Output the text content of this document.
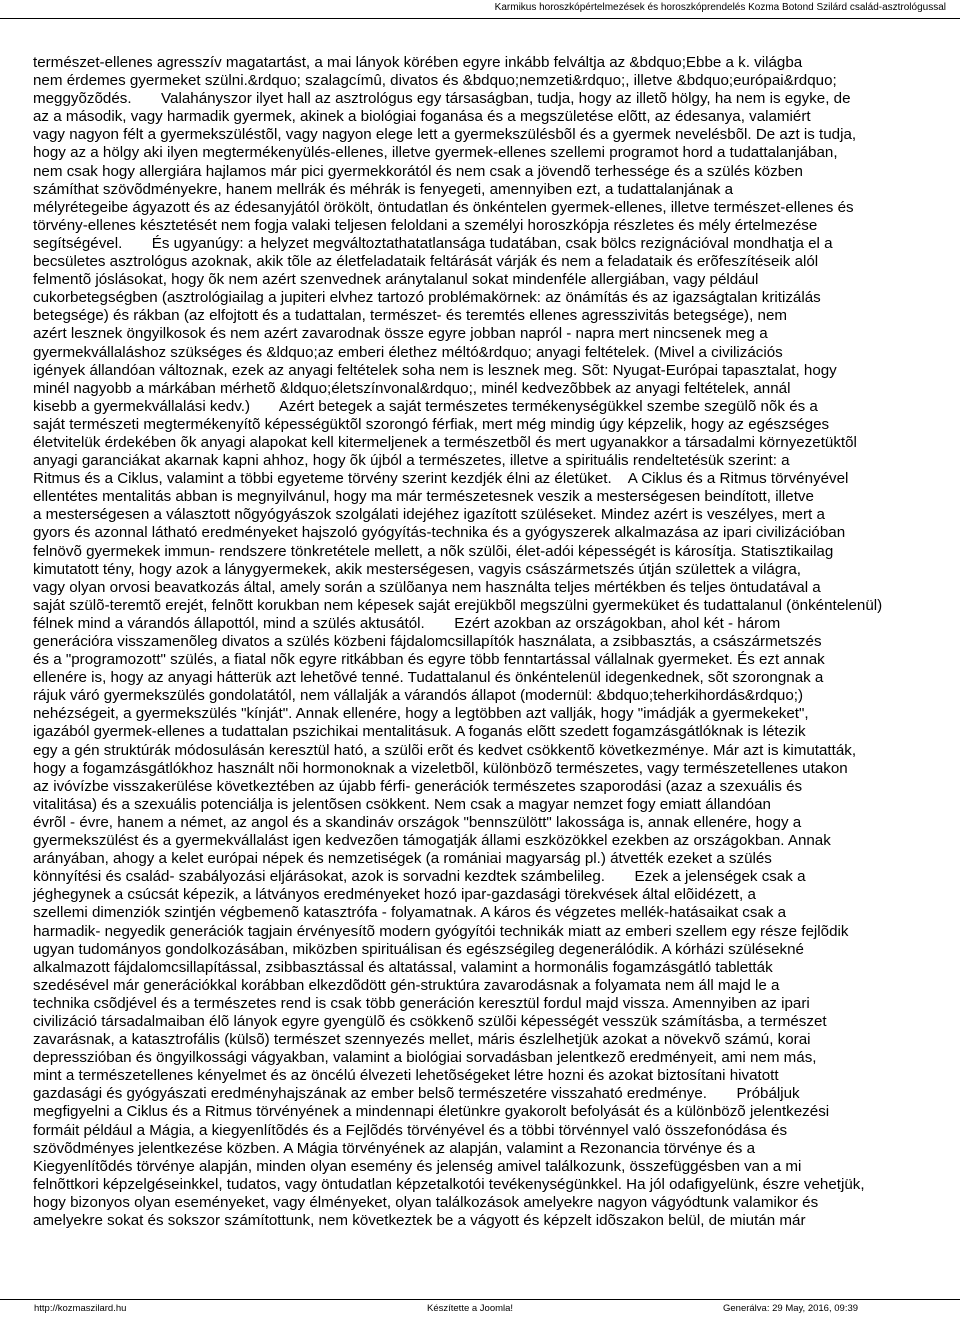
Karmikus horoszkópértelmezések és horoszkóprendelés Kozma Botond Szilárd család-asztrológussal
természet-ellenes agresszív magatartást, a mai lányok körében egyre inkább felváltja az &bdquo;Ebbe a k. világba
nem érdemes gyermeket szülni.&rdquo; szalagcímû, divatos és &bdquo;nemzeti&rdquo;, illetve &bdquo;európai&rdquo;
meggyõzõdés.       Valahányszor ilyet hall az asztrológus egy társaságban, tudja, hogy az illetõ hölgy, ha nem is egyke, de
az a második, vagy harmadik gyermek, akinek a biológiai foganása és a megszületése elõtt, az édesanya, valamiért
vagy nagyon félt a gyermekszüléstõl, vagy nagyon elege lett a gyermekszülésbõl és a gyermek nevelésbõl. De azt is tudja,
hogy az a hölgy aki ilyen megtermékenyülés-ellenes, illetve gyermek-ellenes szellemi programot hord a tudattalanjában,
nem csak hogy allergiára hajlamos már pici gyermekkorától és nem csak a jövendõ terhessége és a szülés közben
számíthat szövõdményekre, hanem mellrák és méhrák is fenyegeti, amennyiben ezt, a tudattalanjának a
mélyrétegeibe ágyazott és az édesanyjától örökölt, öntudatlan és önkéntelen gyermek-ellenes, illetve természet-ellenes és
törvény-ellenes késztetését nem fogja valaki teljesen feloldani a személyi horoszkópja részletes és mély értelmezése
segítségével.       És ugyanúgy: a helyzet megváltoztathatatlansága tudatában, csak bölcs rezignációval mondhatja el a
becsületes asztrológus azoknak, akik tõle az életfeladataik feltárását várják és nem a feladataik és erõfeszítéseik alól
felmentõ jóslásokat, hogy õk nem azért szenvednek aránytalanul sokat mindenféle allergiában, vagy például
cukorbetegségben (asztrológiailag a jupiteri elvhez tartozó problémakörnek: az önámítás és az igazságtalan kritizálás
betegsége) és rákban (az elfojtott és a tudattalan, természet- és teremtés ellenes agresszivitás betegsége), nem
azért lesznek öngyilkosok és nem azért zavarodnak össze egyre jobban napról - napra mert nincsenek meg a
gyermekvállaláshoz szükséges és &ldquo;az emberi élethez méltó&rdquo; anyagi feltételek. (Mivel a civilizációs
igények állandóan változnak, ezek az anyagi feltételek soha nem is lesznek meg. Sõt: Nyugat-Európai tapasztalat, hogy
minél nagyobb a márkában mérhetõ &ldquo;életszínvonal&rdquo;, minél kedvezõbbek az anyagi feltételek, annál
kisebb a gyermekvállalási kedv.)       Azért betegek a saját természetes termékenységükkel szembe szegülõ nõk és a
saját természeti megtermékenyítõ képességüktõl szorongó férfiak, mert még mindig úgy képzelik, hogy az egészséges
életvitelük érdekében õk anyagi alapokat kell kitermeljenek a természetbõl és mert ugyanakkor a társadalmi környezetüktõl
anyagi garanciákat akarnak kapni ahhoz, hogy õk újból a természetes, illetve a spirituális rendeltetésük szerint: a
Ritmus és a Ciklus, valamint a többi egyeteme törvény szerint kezdjék élni az életüket.    A Ciklus és a Ritmus törvényével
ellentétes mentalitás abban is megnyilvánul, hogy ma már természetesnek veszik a mesterségesen beindított, illetve
a mesterségesen a választott nõgyógyászok szolgálati idejéhez igazított szüléseket. Mindez azért is veszélyes, mert a
gyors és azonnal látható eredményeket hajszoló gyógyítás-technika és a gyógyszerek alkalmazása az ipari civilizációban
felnövõ gyermekek immun- rendszere tönkretétele mellett, a nõk szülõi, élet-adói képességét is károsítja. Statisztikailag
kimutatott tény, hogy azok a lánygyermekek, akik mesterségesen, vagyis császármetszés útján születtek a világra,
vagy olyan orvosi beavatkozás által, amely során a szülõanya nem használta teljes mértékben és teljes öntudatával a
saját szülõ-teremtõ erejét, felnõtt korukban nem képesek saját erejükbõl megszülni gyermeküket és tudattalanul (önkéntelenül)
félnek mind a várandós állapottól, mind a szülés aktusától.       Ezért azokban az országokban, ahol két - három
generációra visszamenõleg divatos a szülés közbeni fájdalomcsillapítók használata, a zsibbasztás, a császármetszés
és a "programozott" szülés, a fiatal nõk egyre ritkábban és egyre több fenntartással vállalnak gyermeket. És ezt annak
ellenére is, hogy az anyagi hátterük azt lehetõvé tenné. Tudattalanul és önkéntelenül idegenkednek, sõt szorongnak a
rájuk váró gyermekszülés gondolatától, nem vállalják a várandós állapot (modernül: &bdquo;teherkihordás&rdquo;)
nehézségeit, a gyermekszülés "kínját". Annak ellenére, hogy a legtöbben azt vallják, hogy "imádják a gyermekeket",
igazából gyermek-ellenes a tudattalan pszichikai mentalitásuk. A foganás elõtt szedett fogamzásgátlóknak is létezik
egy a gén struktúrák módosulásán keresztül ható, a szülõi erõt és kedvet csökkentõ következménye. Már azt is kimutatták,
hogy a fogamzásgátlókhoz használt nõi hormonoknak a vizeletbõl, különbözõ természetes, vagy természetellenes utakon
az ivóvízbe visszakerülése következtében az újabb férfi- generációk természetes szaporodási (azaz a szexuális és
vitalitása) és a szexuális potenciálja is jelentõsen csökkent. Nem csak a magyar nemzet fogy emiatt állandóan
évrõl - évre, hanem a német, az angol és a skandináv országok "bennszülött" lakossága is, annak ellenére, hogy a
gyermekszülést és a gyermekvállalást igen kedvezõen támogatják állami eszközökkel ezekben az országokban. Annak
arányában, ahogy a kelet európai népek és nemzetiségek (a romániai magyarság pl.) átvették ezeket a szülés
könnyítési és család- szabályozási eljárásokat, azok is sorvadni kezdtek számbelileg.       Ezek a jelenségek csak a
jéghegynek a csúcsát képezik, a látványos eredményeket hozó ipar-gazdasági törekvések által elõidézett, a
szellemi dimenziók szintjén végbemenõ katasztrófa - folyamatnak. A káros és végzetes mellék-hatásaikat csak a
harmadik- negyedik generációk tagjain érvényesítõ modern gyógyítói technikák miatt az emberi szellem egy része fejlõdik
ugyan tudományos gondolkozásában, miközben spirituálisan és egészségileg degenerálódik. A kórházi szülésekné
alkalmazott fájdalomcsillapítással, zsibbasztással és altatással, valamint a hormonális fogamzásgátló tabletták
szedésével már generációkkal korábban elkezdõdött gén-struktúra zavarodásnak a folyamata nem áll majd le a
technika csõdjével és a természetes rend is csak több generáción keresztül fordul majd vissza. Amennyiben az ipari
civilizáció társadalmaiban élõ lányok egyre gyengülõ és csökkenõ szülõi képességét vesszük számításba, a természet
zavarásnak, a katasztrofális (külsõ) természet szennyezés mellet, máris észlelhetjük azokat a növekvõ számú, korai
depresszióban és öngyilkossági vágyakban, valamint a biológiai sorvadásban jelentkezõ eredményeit, ami nem más,
mint a természetellenes kényelmet és az öncélú élvezeti lehetõségeket létre hozni és azokat biztosítani hivatott
gazdasági és gyógyászati eredményhajszának az ember belsõ természetére visszaható eredménye.       Próbáljuk
megfigyelni a Ciklus és a Ritmus törvényének a mindennapi életünkre gyakorolt befolyását és a különbözõ jelentkezési
formáit például a Mágia, a kiegyenlítõdés és a Fejlõdés törvényével és a többi törvénnyel való összefonódása és
szövõdményes jelentkezése közben. A Mágia törvényének az alapján, valamint a Rezonancia törvénye és a
Kiegyenlítõdés törvénye alapján, minden olyan esemény és jelenség amivel találkozunk, összefüggésben van a mi
felnõttkori képzelgéseinkkel, tudatos, vagy öntudatlan képzetalkotói tevékenységünkkel. Ha jól odafigyelünk, észre vehetjük,
hogy bizonyos olyan eseményeket, vagy élményeket, olyan találkozások amelyekre nagyon vágyódtunk valamikor és
amelyekre sokat és sokszor számítottunk, nem következtek be a vágyott és képzelt idõszakon belül, de miután már
http://kozmaszilard.hu	Készítette a Joomla!	Generálva: 29 May, 2016, 09:39
